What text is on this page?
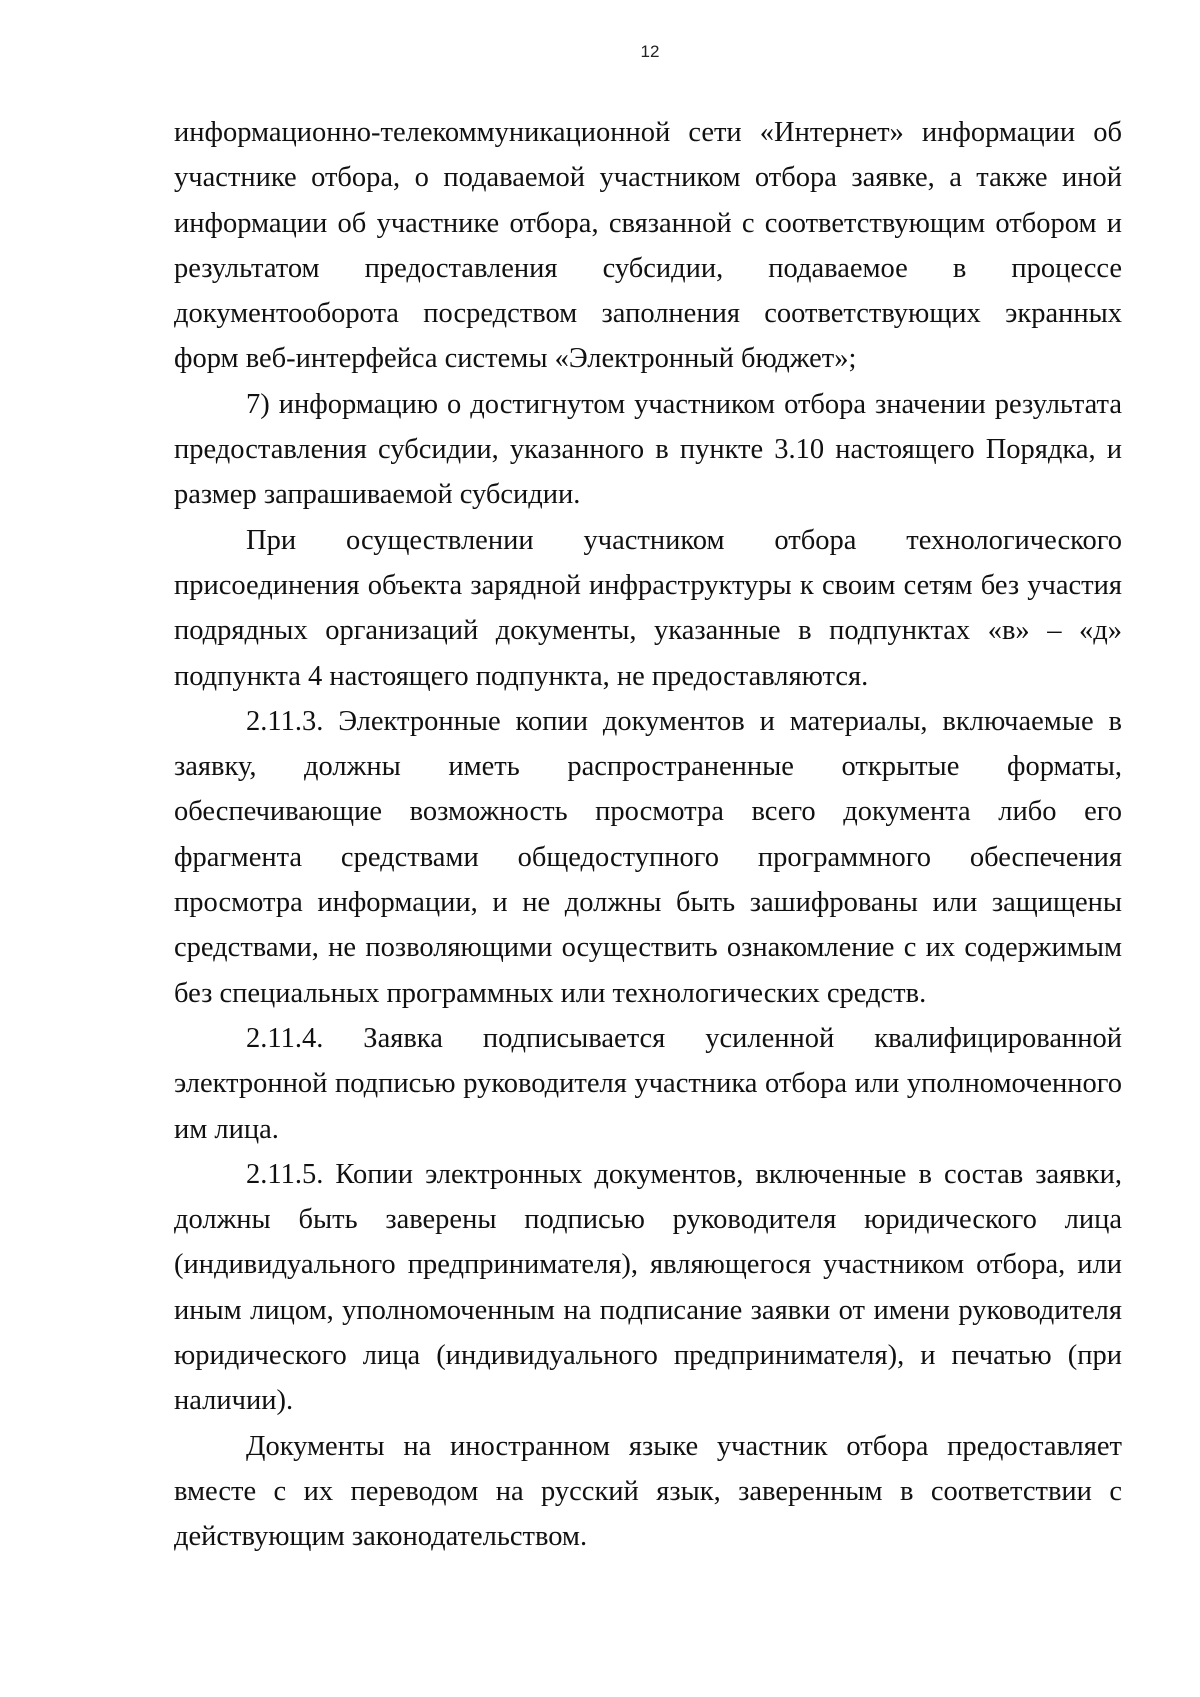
12

информационно-телекоммуникационной сети «Интернет» информации об участнике отбора, о подаваемой участником отбора заявке, а также иной информации об участнике отбора, связанной с соответствующим отбором и результатом предоставления субсидии, подаваемое в процессе документооборота посредством заполнения соответствующих экранных форм веб-интерфейса системы «Электронный бюджет»;

7) информацию о достигнутом участником отбора значении результата предоставления субсидии, указанного в пункте 3.10 настоящего Порядка, и размер запрашиваемой субсидии.

При осуществлении участником отбора технологического присоединения объекта зарядной инфраструктуры к своим сетям без участия подрядных организаций документы, указанные в подпунктах «в» – «д» подпункта 4 настоящего подпункта, не предоставляются.

2.11.3. Электронные копии документов и материалы, включаемые в заявку, должны иметь распространенные открытые форматы, обеспечивающие возможность просмотра всего документа либо его фрагмента средствами общедоступного программного обеспечения просмотра информации, и не должны быть зашифрованы или защищены средствами, не позволяющими осуществить ознакомление с их содержимым без специальных программных или технологических средств.

2.11.4. Заявка подписывается усиленной квалифицированной электронной подписью руководителя участника отбора или уполномоченного им лица.

2.11.5. Копии электронных документов, включенные в состав заявки, должны быть заверены подписью руководителя юридического лица (индивидуального предпринимателя), являющегося участником отбора, или иным лицом, уполномоченным на подписание заявки от имени руководителя юридического лица (индивидуального предпринимателя), и печатью (при наличии).

Документы на иностранном языке участник отбора предоставляет вместе с их переводом на русский язык, заверенным в соответствии с действующим законодательством.
